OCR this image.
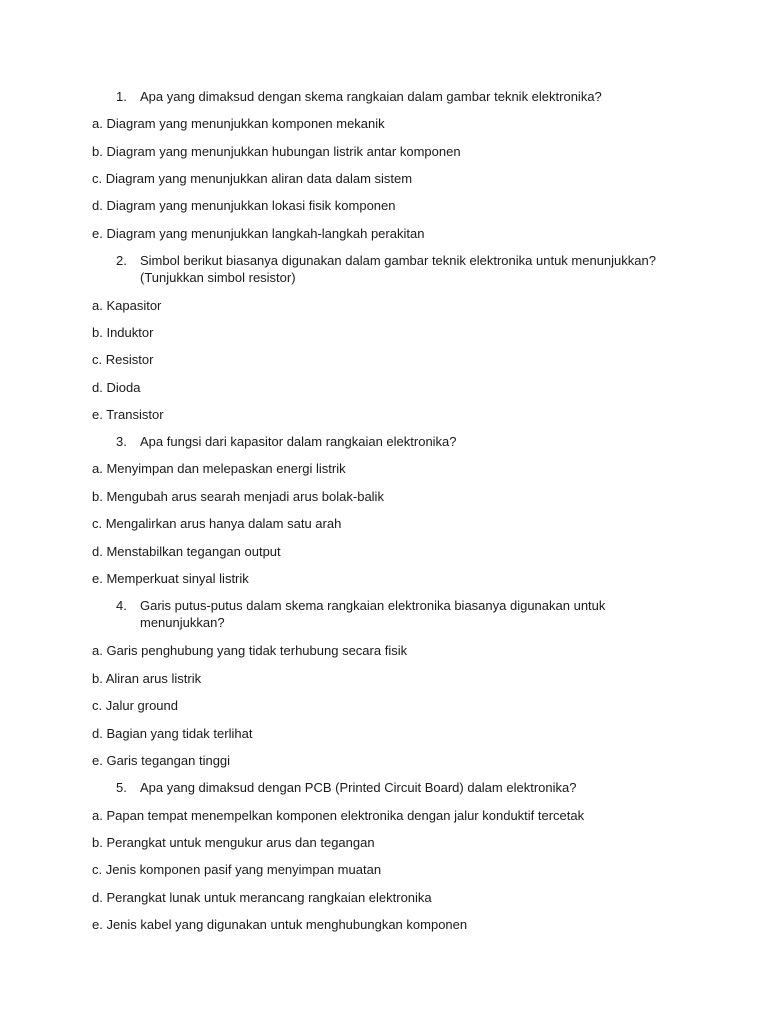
1. Apa yang dimaksud dengan skema rangkaian dalam gambar teknik elektronika?
a. Diagram yang menunjukkan komponen mekanik
b. Diagram yang menunjukkan hubungan listrik antar komponen
c. Diagram yang menunjukkan aliran data dalam sistem
d. Diagram yang menunjukkan lokasi fisik komponen
e. Diagram yang menunjukkan langkah-langkah perakitan
2. Simbol berikut biasanya digunakan dalam gambar teknik elektronika untuk menunjukkan? (Tunjukkan simbol resistor)
a. Kapasitor
b. Induktor
c. Resistor
d. Dioda
e. Transistor
3. Apa fungsi dari kapasitor dalam rangkaian elektronika?
a. Menyimpan dan melepaskan energi listrik
b. Mengubah arus searah menjadi arus bolak-balik
c. Mengalirkan arus hanya dalam satu arah
d. Menstabilkan tegangan output
e. Memperkuat sinyal listrik
4. Garis putus-putus dalam skema rangkaian elektronika biasanya digunakan untuk menunjukkan?
a. Garis penghubung yang tidak terhubung secara fisik
b. Aliran arus listrik
c. Jalur ground
d. Bagian yang tidak terlihat
e. Garis tegangan tinggi
5. Apa yang dimaksud dengan PCB (Printed Circuit Board) dalam elektronika?
a. Papan tempat menempelkan komponen elektronika dengan jalur konduktif tercetak
b. Perangkat untuk mengukur arus dan tegangan
c. Jenis komponen pasif yang menyimpan muatan
d. Perangkat lunak untuk merancang rangkaian elektronika
e. Jenis kabel yang digunakan untuk menghubungkan komponen
